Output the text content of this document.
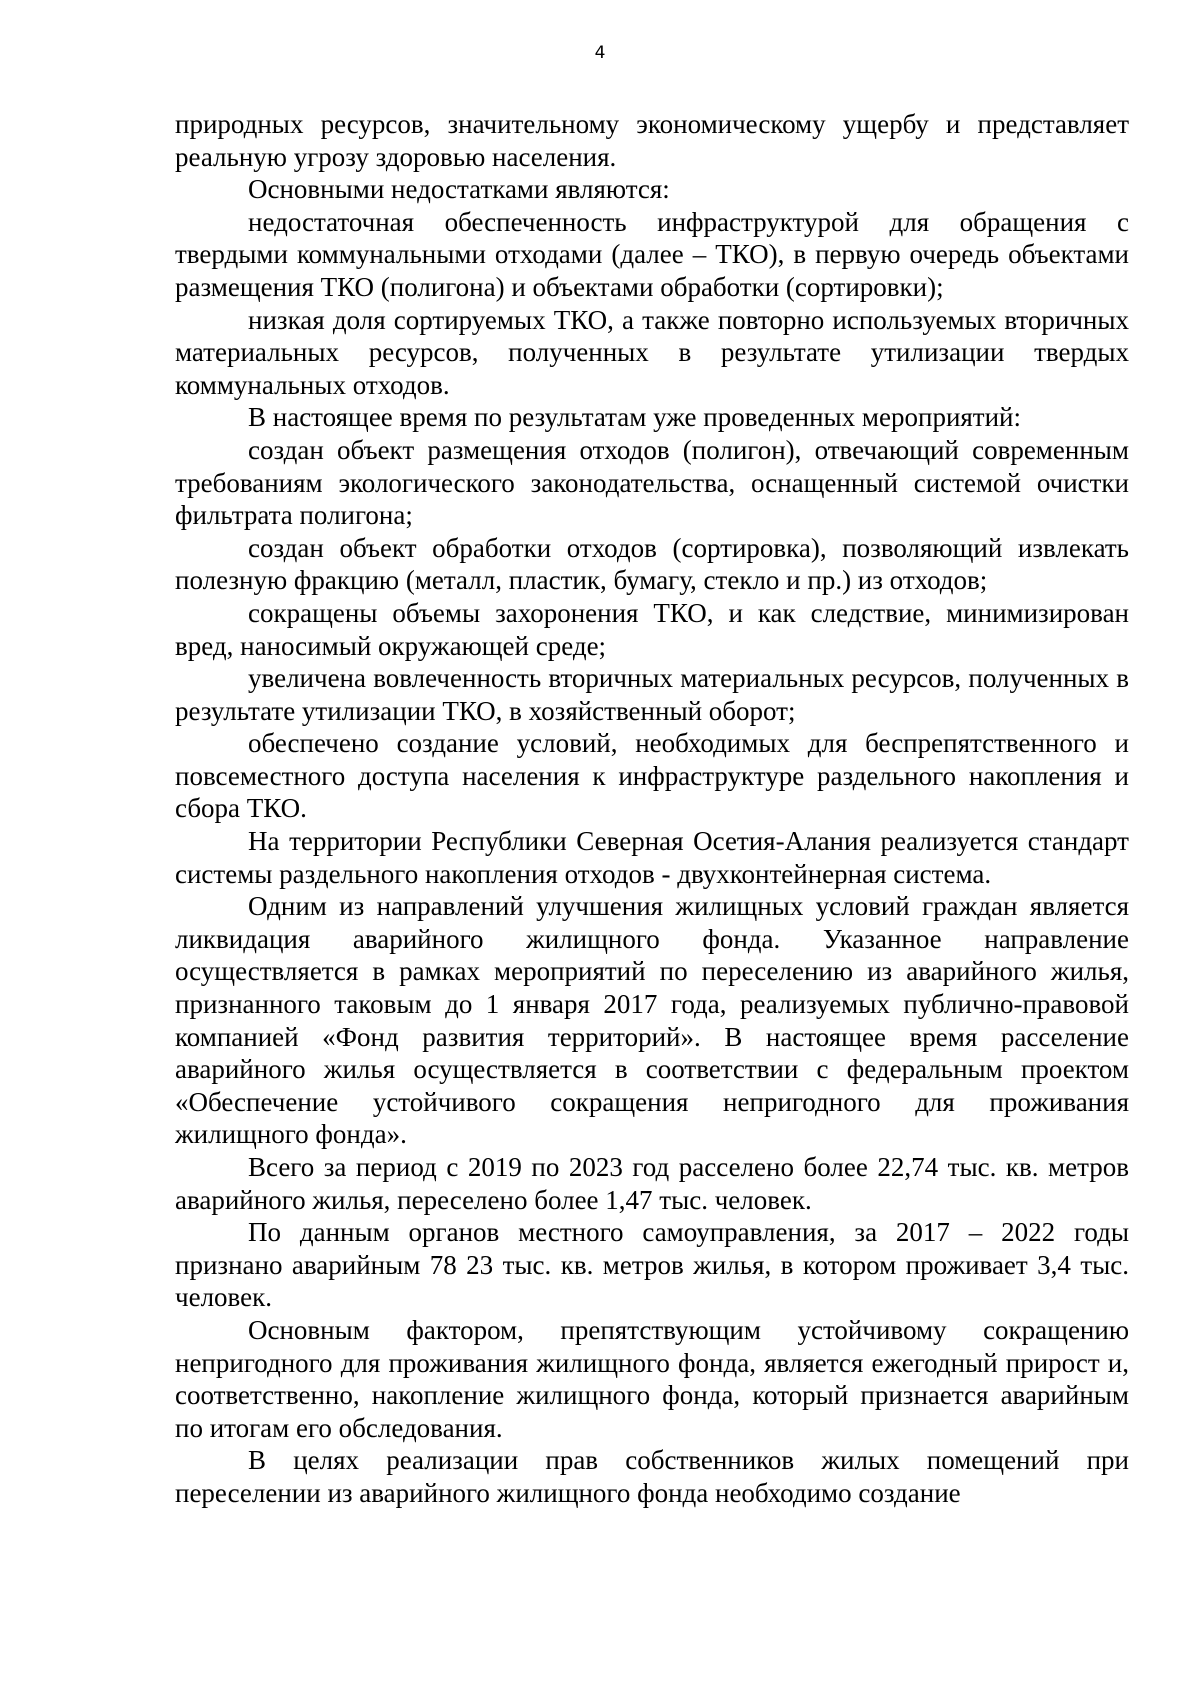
4

природных ресурсов, значительному экономическому ущербу и представляет реальную угрозу здоровью населения.

Основными недостатками являются:

недостаточная обеспеченность инфраструктурой для обращения с твердыми коммунальными отходами (далее – ТКО), в первую очередь объектами размещения ТКО (полигона) и объектами обработки (сортировки);

низкая доля сортируемых ТКО, а также повторно используемых вторичных материальных ресурсов, полученных в результате утилизации твердых коммунальных отходов.

В настоящее время по результатам уже проведенных мероприятий:

создан объект размещения отходов (полигон), отвечающий современным требованиям экологического законодательства, оснащенный системой очистки фильтрата полигона;

создан объект обработки отходов (сортировка), позволяющий извлекать полезную фракцию (металл, пластик, бумагу, стекло и пр.) из отходов;

сокращены объемы захоронения ТКО, и как следствие, минимизирован вред, наносимый окружающей среде;

увеличена вовлеченность вторичных материальных ресурсов, полученных в результате утилизации ТКО, в хозяйственный оборот;

обеспечено создание условий, необходимых для беспрепятственного и повсеместного доступа населения к инфраструктуре раздельного накопления и сбора ТКО.

На территории Республики Северная Осетия-Алания реализуется стандарт системы раздельного накопления отходов - двухконтейнерная система.

Одним из направлений улучшения жилищных условий граждан является ликвидация аварийного жилищного фонда. Указанное направление осуществляется в рамках мероприятий по переселению из аварийного жилья, признанного таковым до 1 января 2017 года, реализуемых публично-правовой компанией «Фонд развития территорий». В настоящее время расселение аварийного жилья осуществляется в соответствии с федеральным проектом «Обеспечение устойчивого сокращения непригодного для проживания жилищного фонда».

Всего за период с 2019 по 2023 год расселено более 22,74 тыс. кв. метров аварийного жилья, переселено более 1,47 тыс. человек.

По данным органов местного самоуправления, за 2017 – 2022 годы признано аварийным 78 23 тыс. кв. метров жилья, в котором проживает 3,4 тыс. человек.

Основным фактором, препятствующим устойчивому сокращению непригодного для проживания жилищного фонда, является ежегодный прирост и, соответственно, накопление жилищного фонда, который признается аварийным по итогам его обследования.

В целях реализации прав собственников жилых помещений при переселении из аварийного жилищного фонда необходимо создание
